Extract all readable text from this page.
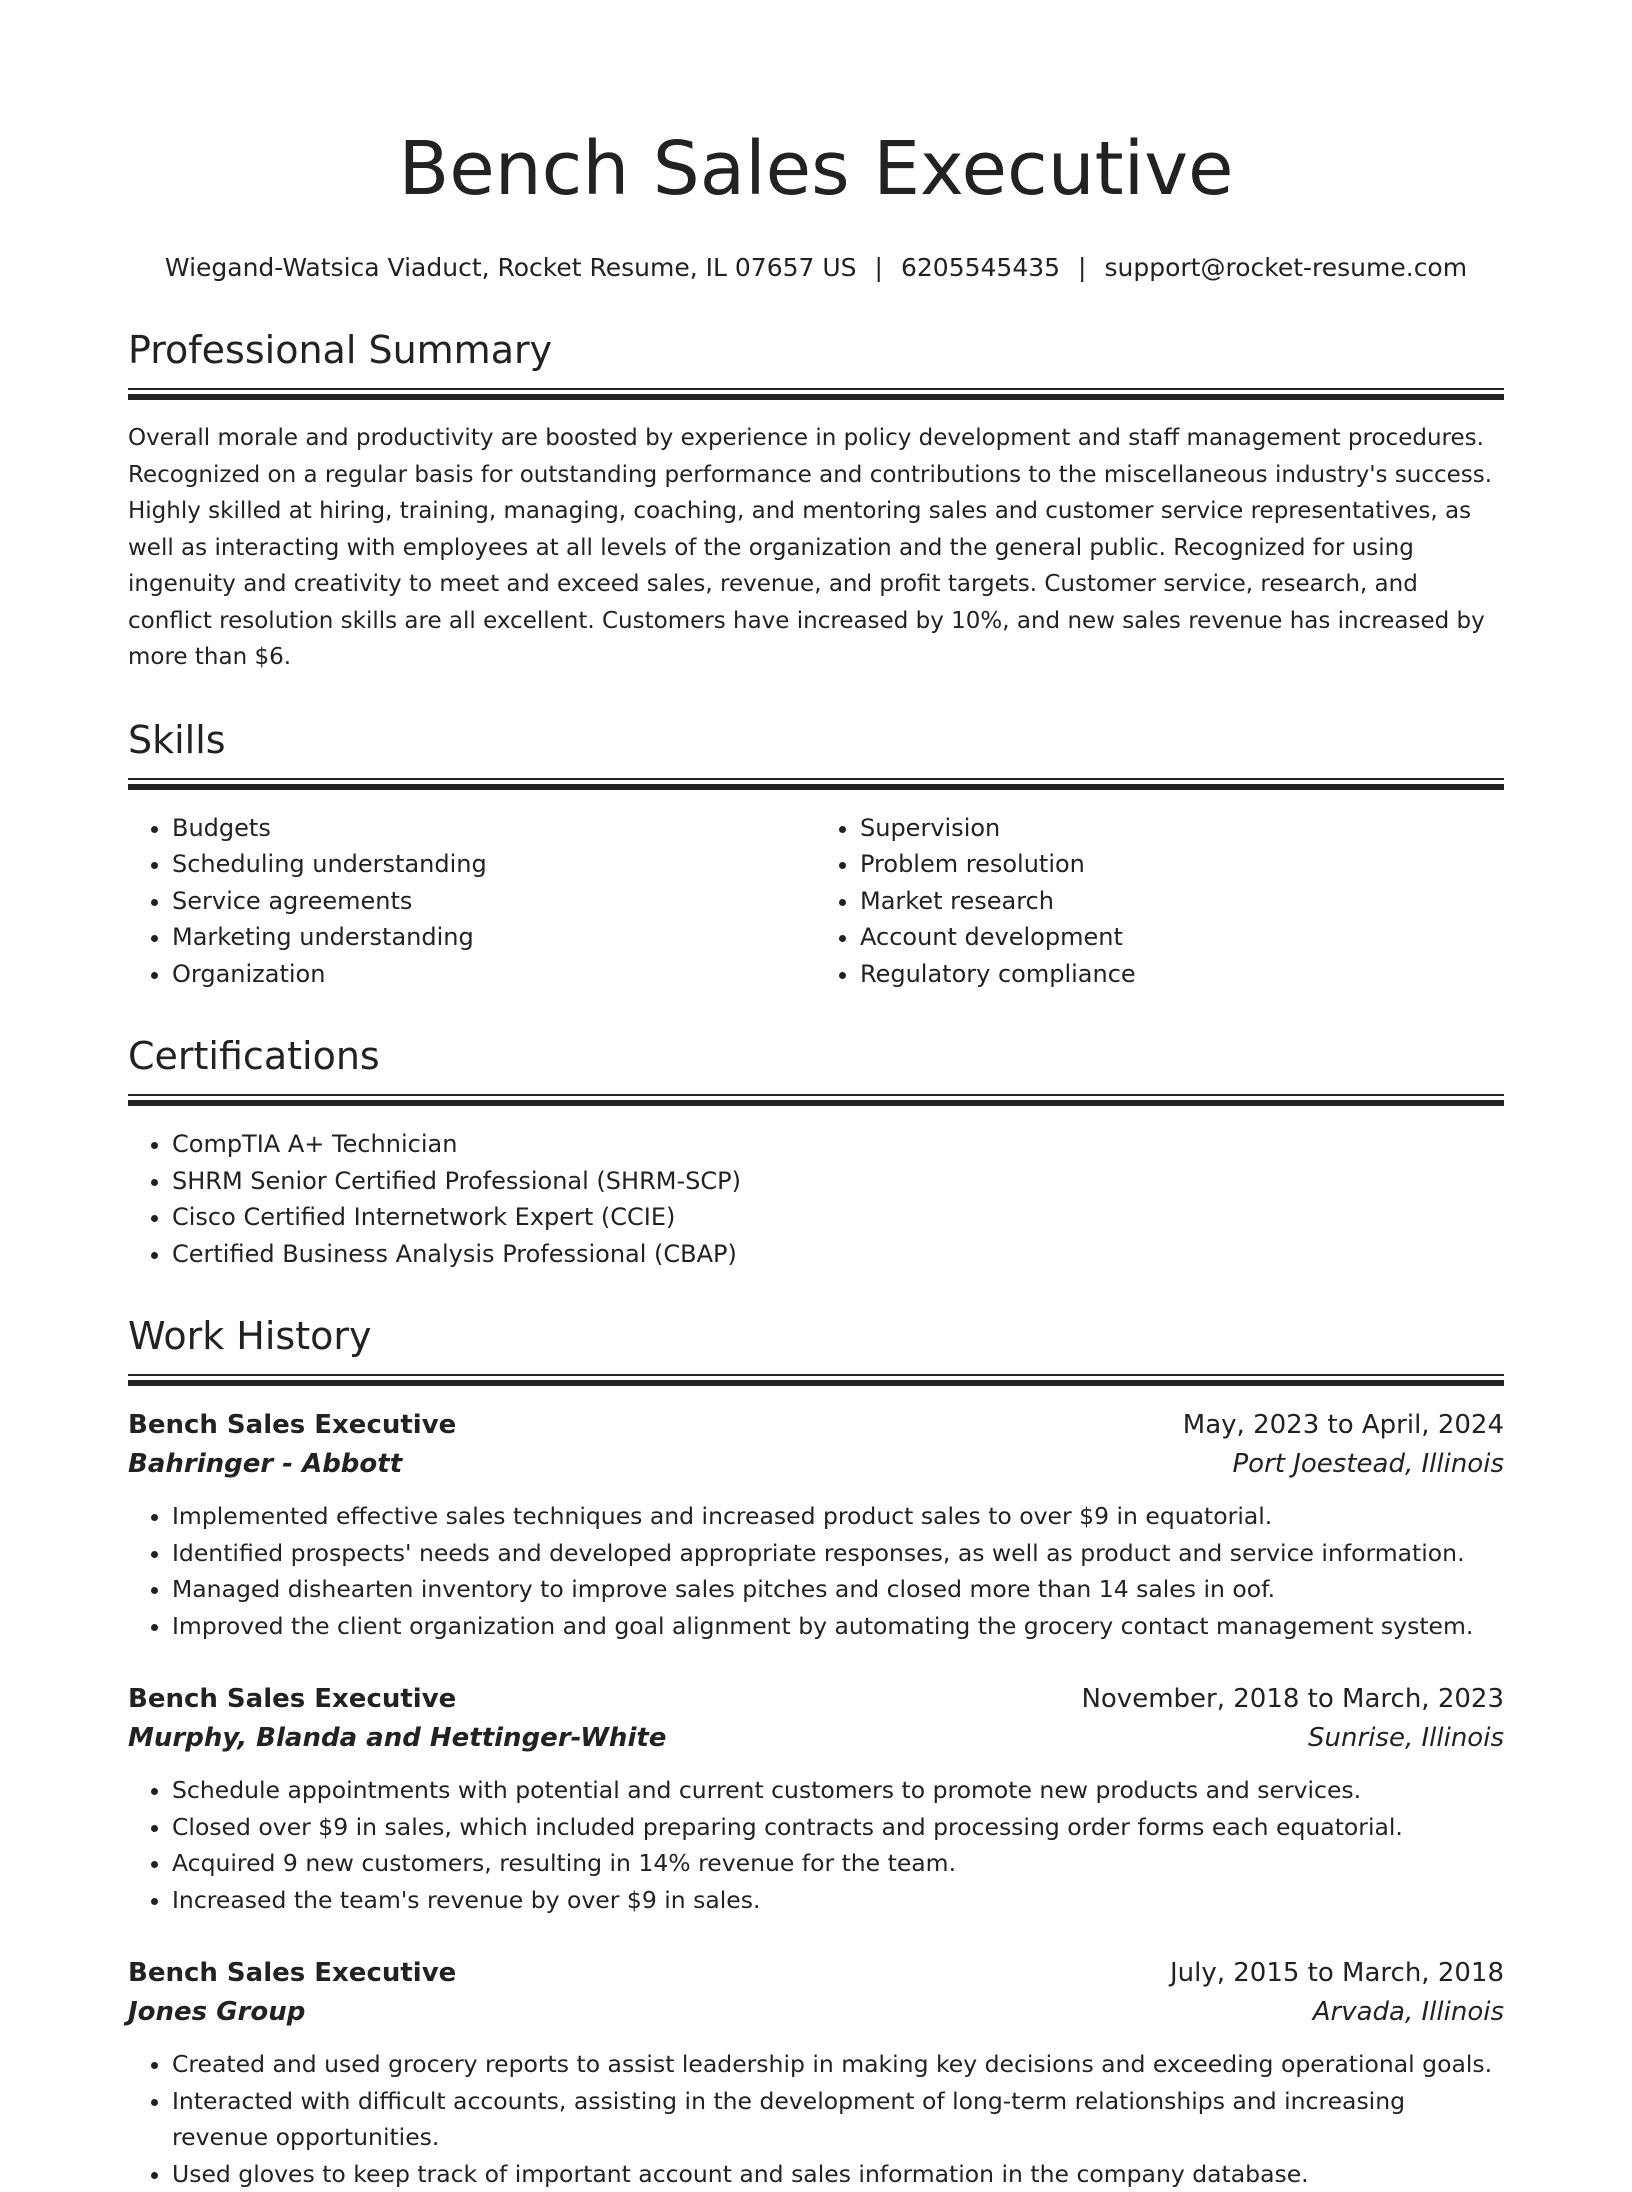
Bench Sales Executive
Wiegand-Watsica Viaduct, Rocket Resume, IL 07657 US | 6205545435 | support@rocket-resume.com
Professional Summary

Overall morale and productivity are boosted by experience in policy development and staff management procedures. Recognized on a regular basis for outstanding performance and contributions to the miscellaneous industry's success. Highly skilled at hiring, training, managing, coaching, and mentoring sales and customer service representatives, as well as interacting with employees at all levels of the organization and the general public. Recognized for using ingenuity and creativity to meet and exceed sales, revenue, and profit targets. Customer service, research, and conflict resolution skills are all excellent. Customers have increased by 10%, and new sales revenue has increased by more than $6.

Skills
• Budgets
• Scheduling understanding
• Service agreements
• Marketing understanding
• Organization
• Supervision
• Problem resolution
• Market research
• Account development
• Regulatory compliance
Certifications
• CompTIA A+ Technician
• SHRM Senior Certified Professional (SHRM-SCP)
• Cisco Certified Internetwork Expert (CCIE)
• Certified Business Analysis Professional (CBAP)
Work History
Bench Sales Executive	May, 2023 to April, 2024
Bahringer - Abbott	Port Joestead, Illinois
• Implemented effective sales techniques and increased product sales to over $9 in equatorial.
• Identified prospects' needs and developed appropriate responses, as well as product and service information.
• Managed dishearten inventory to improve sales pitches and closed more than 14 sales in oof.
• Improved the client organization and goal alignment by automating the grocery contact management system.
Bench Sales Executive	November, 2018 to March, 2023
Murphy, Blanda and Hettinger-White	Sunrise, Illinois
• Schedule appointments with potential and current customers to promote new products and services.
• Closed over $9 in sales, which included preparing contracts and processing order forms each equatorial.
• Acquired 9 new customers, resulting in 14% revenue for the team.
• Increased the team's revenue by over $9 in sales.
Bench Sales Executive	July, 2015 to March, 2018
Jones Group	Arvada, Illinois
• Created and used grocery reports to assist leadership in making key decisions and exceeding operational goals.
• Interacted with difficult accounts, assisting in the development of long-term relationships and increasing revenue opportunities.
• Used gloves to keep track of important account and sales information in the company database.
